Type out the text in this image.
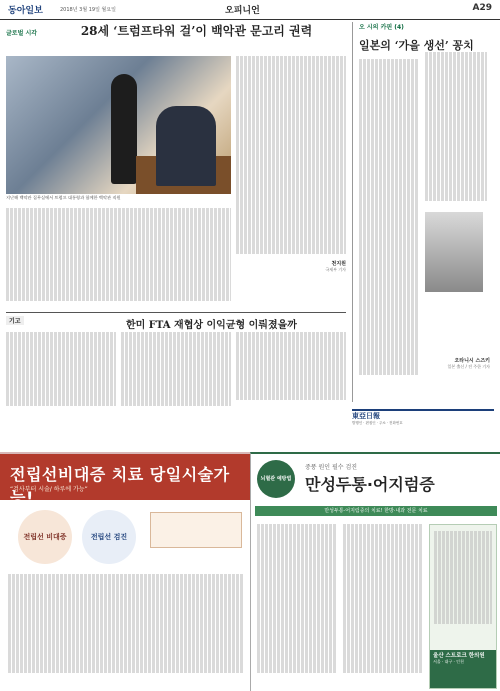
동아일보	2018년 3월 19일 월요일	오피니언	A29
글로벌 시각	28세 ‘트럼프타워 걸’이 백악관 문고리 권력
지난해 백악관 집무실에서 트럼프 대통령과 함께한 백악관 직원
천지원
국제부 기자
오 시의 카핀 (4)
일본의 ‘가을 생선’ 꽁치
오타니시 스즈키
일본 출신 / 전 주한 기자
기고	한미 FTA 재협상 이익균형 이뤄졌을까
東亞日報
발행인 · 편집인 · 주소 · 전화번호
전립선비대증 치료 당일시술가능!
“검사부터 시술/ 하루에 가능”
전립선 비대증	전립선 검진
뇌혈관 예방법
중풍 원인 필수 검진
만성두통·어지럼증
만성두통·어지럼증의 치료! 한방·내과 전문 치료
울산 스트로크 한의원
서울 · 대구 · 인천
